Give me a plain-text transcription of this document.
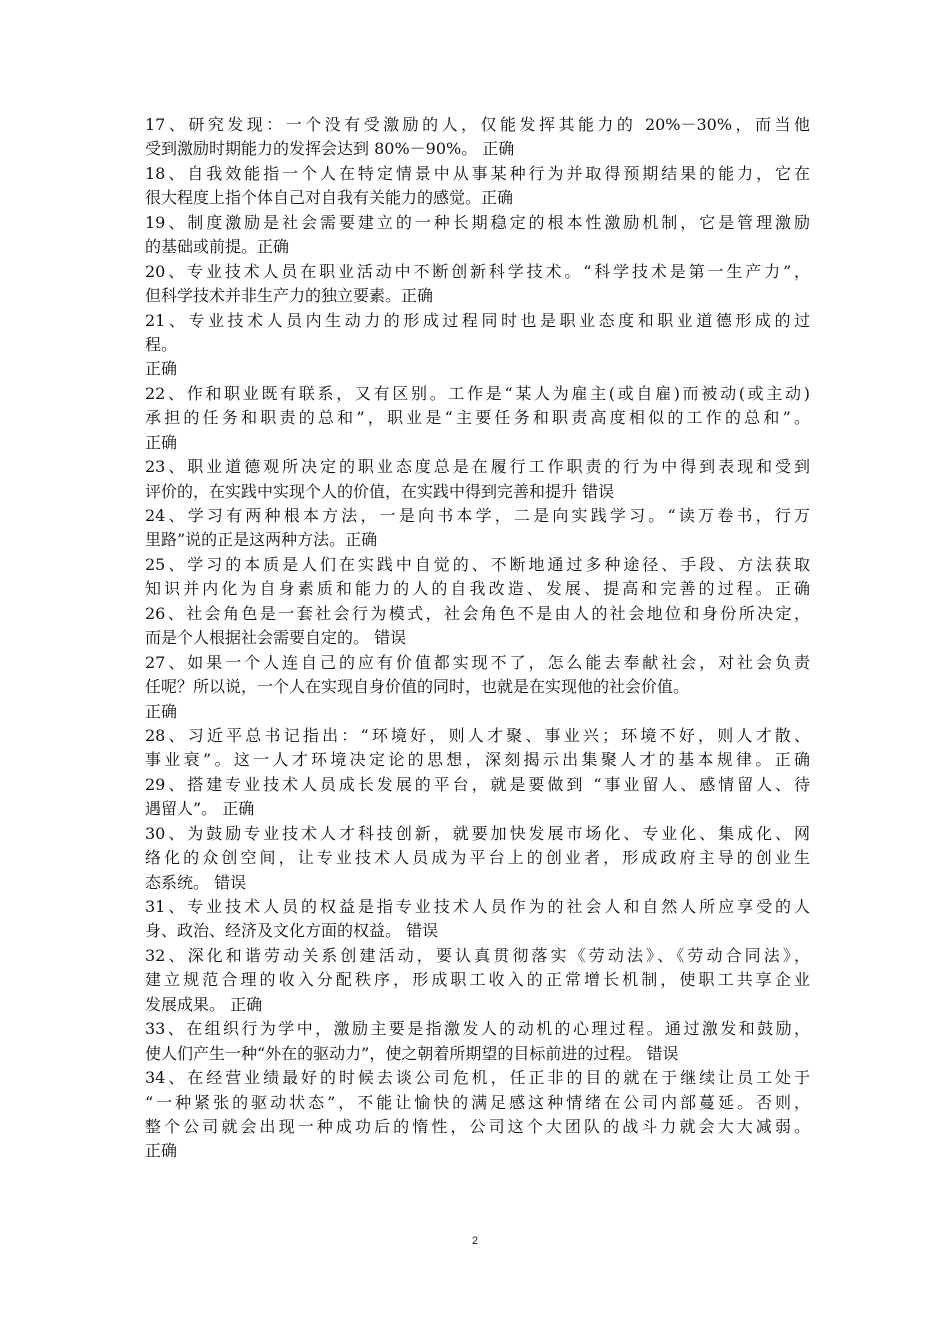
17、研究发现：一个没有受激励的人，仅能发挥其能力的 20%－30%，而当他
受到激励时期能力的发挥会达到 80%－90%。 正确
18、自我效能指一个人在特定情景中从事某种行为并取得预期结果的能力，它在
很大程度上指个体自己对自我有关能力的感觉。正确
19、制度激励是社会需要建立的一种长期稳定的根本性激励机制，它是管理激励
的基础或前提。正确
20、专业技术人员在职业活动中不断创新科学技术。“科学技术是第一生产力”，
但科学技术并非生产力的独立要素。正确
21、专业技术人员内生动力的形成过程同时也是职业态度和职业道德形成的过
程。
正确
22、作和职业既有联系，又有区别。工作是“某人为雇主(或自雇)而被动(或主动)
承担的任务和职责的总和”，职业是“主要任务和职责高度相似的工作的总和”。
正确
23、职业道德观所决定的职业态度总是在履行工作职责的行为中得到表现和受到
评价的，在实践中实现个人的价值，在实践中得到完善和提升 错误
24、学习有两种根本方法，一是向书本学，二是向实践学习。“读万卷书，行万
里路”说的正是这两种方法。正确
25、学习的本质是人们在实践中自觉的、不断地通过多种途径、手段、方法获取
知识并内化为自身素质和能力的人的自我改造、发展、提高和完善的过程。正确
26、社会角色是一套社会行为模式，社会角色不是由人的社会地位和身份所决定，
而是个人根据社会需要自定的。 错误
27、如果一个人连自己的应有价值都实现不了，怎么能去奉献社会，对社会负责
任呢？所以说，一个人在实现自身价值的同时，也就是在实现他的社会价值。
正确
28、习近平总书记指出：“环境好，则人才聚、事业兴；环境不好，则人才散、
事业衰”。这一人才环境决定论的思想，深刻揭示出集聚人才的基本规律。正确
29、搭建专业技术人员成长发展的平台，就是要做到 “事业留人、感情留人、待
遇留人”。 正确
30、为鼓励专业技术人才科技创新，就要加快发展市场化、专业化、集成化、网
络化的众创空间，让专业技术人员成为平台上的创业者，形成政府主导的创业生
态系统。 错误
31、专业技术人员的权益是指专业技术人员作为的社会人和自然人所应享受的人
身、政治、经济及文化方面的权益。 错误
32、深化和谐劳动关系创建活动，要认真贯彻落实《劳动法》、《劳动合同法》，
建立规范合理的收入分配秩序，形成职工收入的正常增长机制，使职工共享企业
发展成果。 正确
33、在组织行为学中，激励主要是指激发人的动机的心理过程。通过激发和鼓励，
使人们产生一种“外在的驱动力”，使之朝着所期望的目标前进的过程。 错误
34、在经营业绩最好的时候去谈公司危机，任正非的目的就在于继续让员工处于
“一种紧张的驱动状态”，不能让愉快的满足感这种情绪在公司内部蔓延。否则，
整个公司就会出现一种成功后的惰性，公司这个大团队的战斗力就会大大减弱。
正确
2
